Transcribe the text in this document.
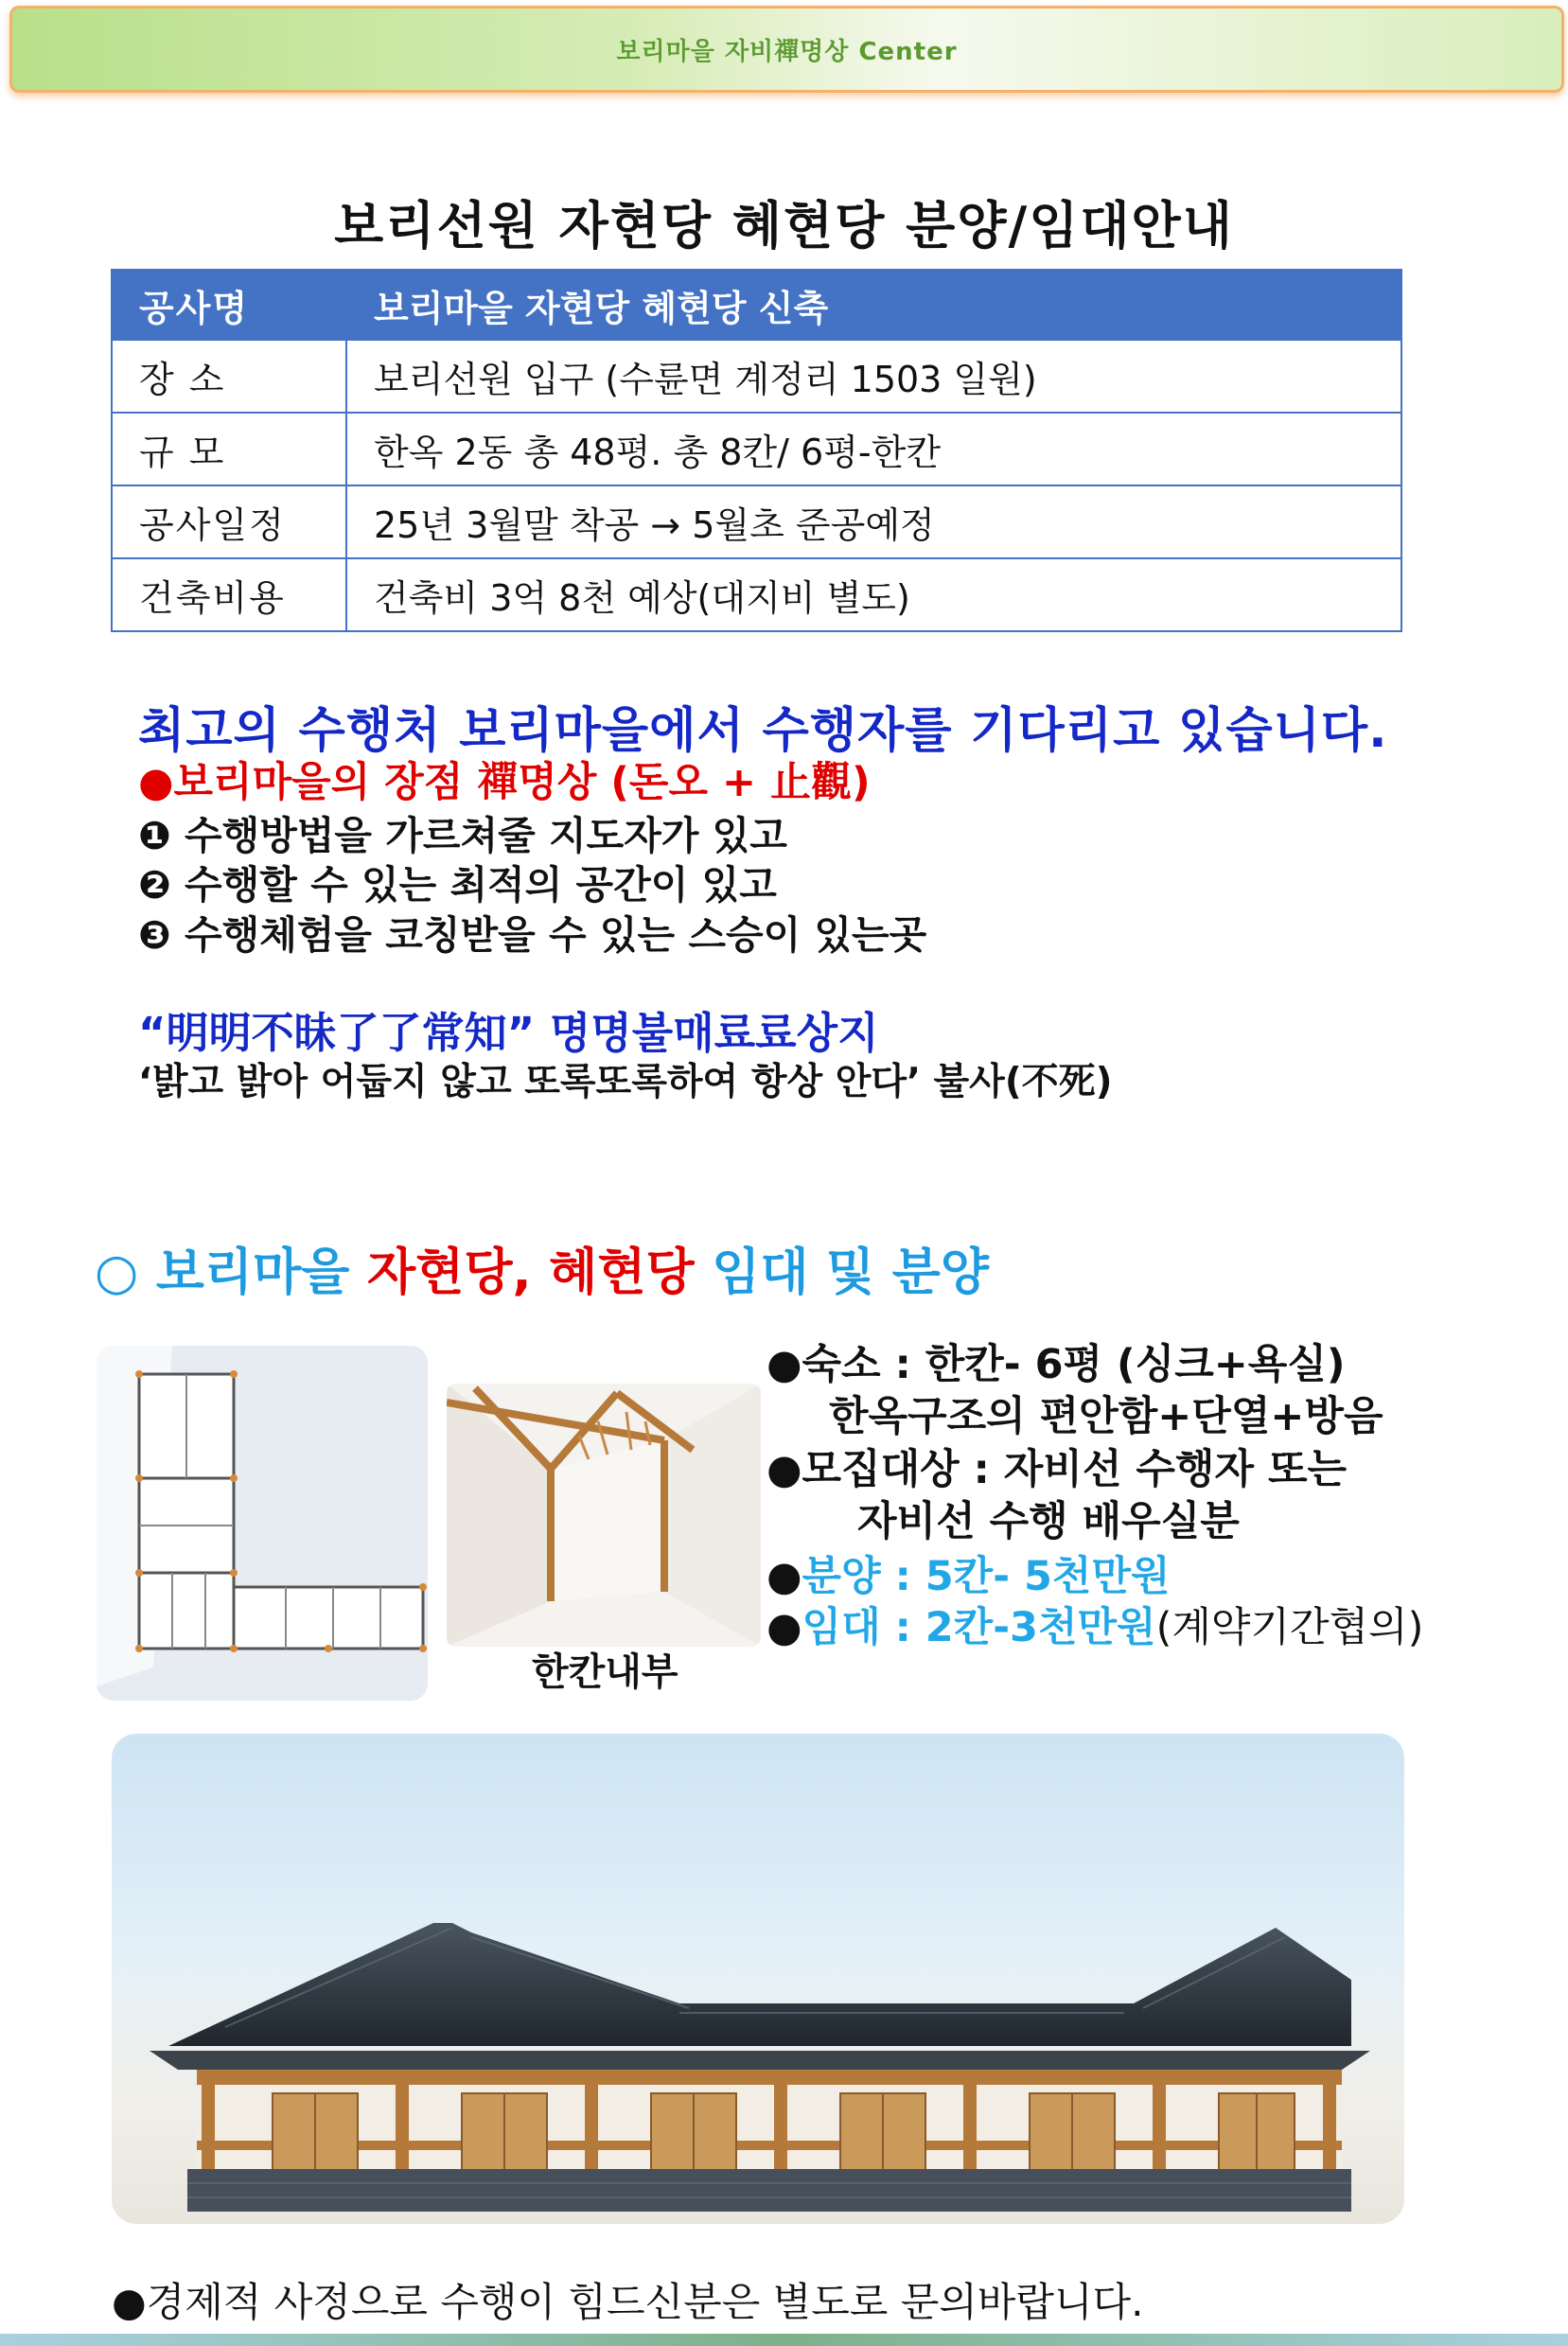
보리마을 자비禪명상 Center
보리선원 자현당 혜현당 분양/임대안내
공사명	보리마을 자현당 혜현당 신축
장 소	보리선원 입구 (수륜면 계정리 1503 일원)
규 모	한옥 2동 총 48평. 총 8칸/ 6평-한칸
공사일정	25년 3월말 착공 → 5월초 준공예정
건축비용	건축비 3억 8천 예상(대지비 별도)
최고의 수행처 보리마을에서 수행자를 기다리고 있습니다.
●보리마을의 장점 禪명상 (돈오 + 止觀)
❶ 수행방법을 가르쳐줄 지도자가 있고
❷ 수행할 수 있는 최적의 공간이 있고
❸ 수행체험을 코칭받을 수 있는 스승이 있는곳
“明明不昧了了常知” 명명불매료료상지
‘밝고 밝아 어둡지 않고 또록또록하여 항상 안다’ 불사(不死)
○ 보리마을 자현당, 혜현당 임대 및 분양
한칸내부
●숙소 : 한칸- 6평 (싱크+욕실)
한옥구조의 편안함+단열+방음
●모집대상 : 자비선 수행자 또는
자비선 수행 배우실분
●분양 : 5칸- 5천만원
●임대 : 2칸-3천만원(계약기간협의)
●경제적 사정으로 수행이 힘드신분은 별도로 문의바랍니다.
